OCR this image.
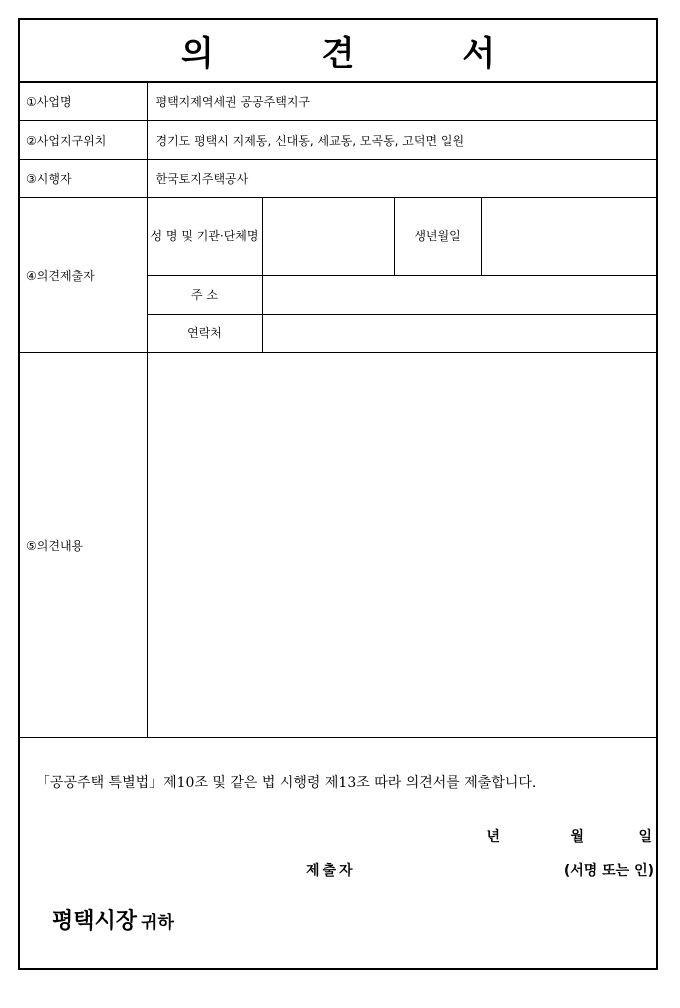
의 견 서
①사업명	평택지제역세권 공공주택지구			
②사업지구위치	경기도 평택시 지제동, 신대동, 세교동, 모곡동, 고덕면 일원			
③시행자	한국토지주택공사			
④의견제출자	성 명 및 기관·단체명		생년월일	
	주 소			
	연락처			
⑤의견내용				
「공공주택 특별법」제10조 및 같은 법 시행령 제13조 따라 의견서를 제출합니다.
년	월	일
제출자	(서명 또는 인)
평택시장 귀하
